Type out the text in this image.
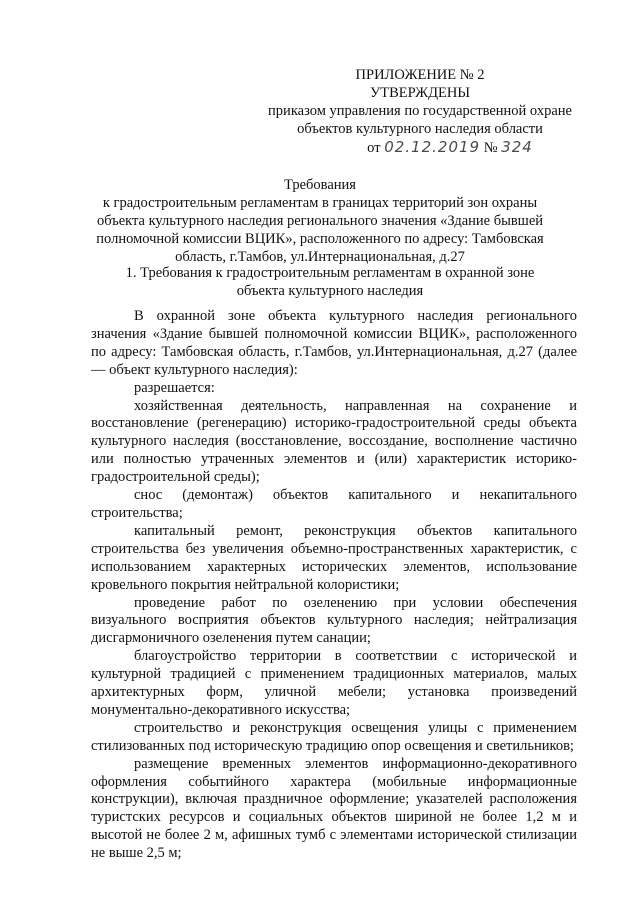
ПРИЛОЖЕНИЕ № 2
УТВЕРЖДЕНЫ
приказом управления по государственной охране
объектов культурного наследия области
от 02.12.2019 № 324
Требования
к градостроительным регламентам в границах территорий зон охраны
объекта культурного наследия регионального значения «Здание бывшей
полномочной комиссии ВЦИК», расположенного по адресу: Тамбовская
область, г.Тамбов, ул.Интернациональная, д.27
1. Требования к градостроительным регламентам в охранной зоне
объекта культурного наследия

В охранной зоне объекта культурного наследия регионального значения «Здание бывшей полномочной комиссии ВЦИК», расположенного по адресу: Тамбовская область, г.Тамбов, ул.Интернациональная, д.27 (далее — объект культурного наследия):

разрешается:

хозяйственная деятельность, направленная на сохранение и восстановление (регенерацию) историко-градостроительной среды объекта культурного наследия (восстановление, воссоздание, восполнение частично или полностью утраченных элементов и (или) характеристик историко-градостроительной среды);

снос (демонтаж) объектов капитального и некапитального строительства;

капитальный ремонт, реконструкция объектов капитального строительства без увеличения объемно-пространственных характеристик, с использованием характерных исторических элементов, использование кровельного покрытия нейтральной колористики;

проведение работ по озеленению при условии обеспечения визуального восприятия объектов культурного наследия; нейтрализация дисгармоничного озеленения путем санации;

благоустройство территории в соответствии с исторической и культурной традицией с применением традиционных материалов, малых архитектурных форм, уличной мебели; установка произведений монументально-декоративного искусства;

строительство и реконструкция освещения улицы с применением стилизованных под историческую традицию опор освещения и светильников;

размещение временных элементов информационно-декоративного оформления событийного характера (мобильные информационные конструкции), включая праздничное оформление; указателей расположения туристских ресурсов и социальных объектов шириной не более 1,2 м и высотой не более 2 м, афишных тумб с элементами исторической стилизации не выше 2,5 м;
